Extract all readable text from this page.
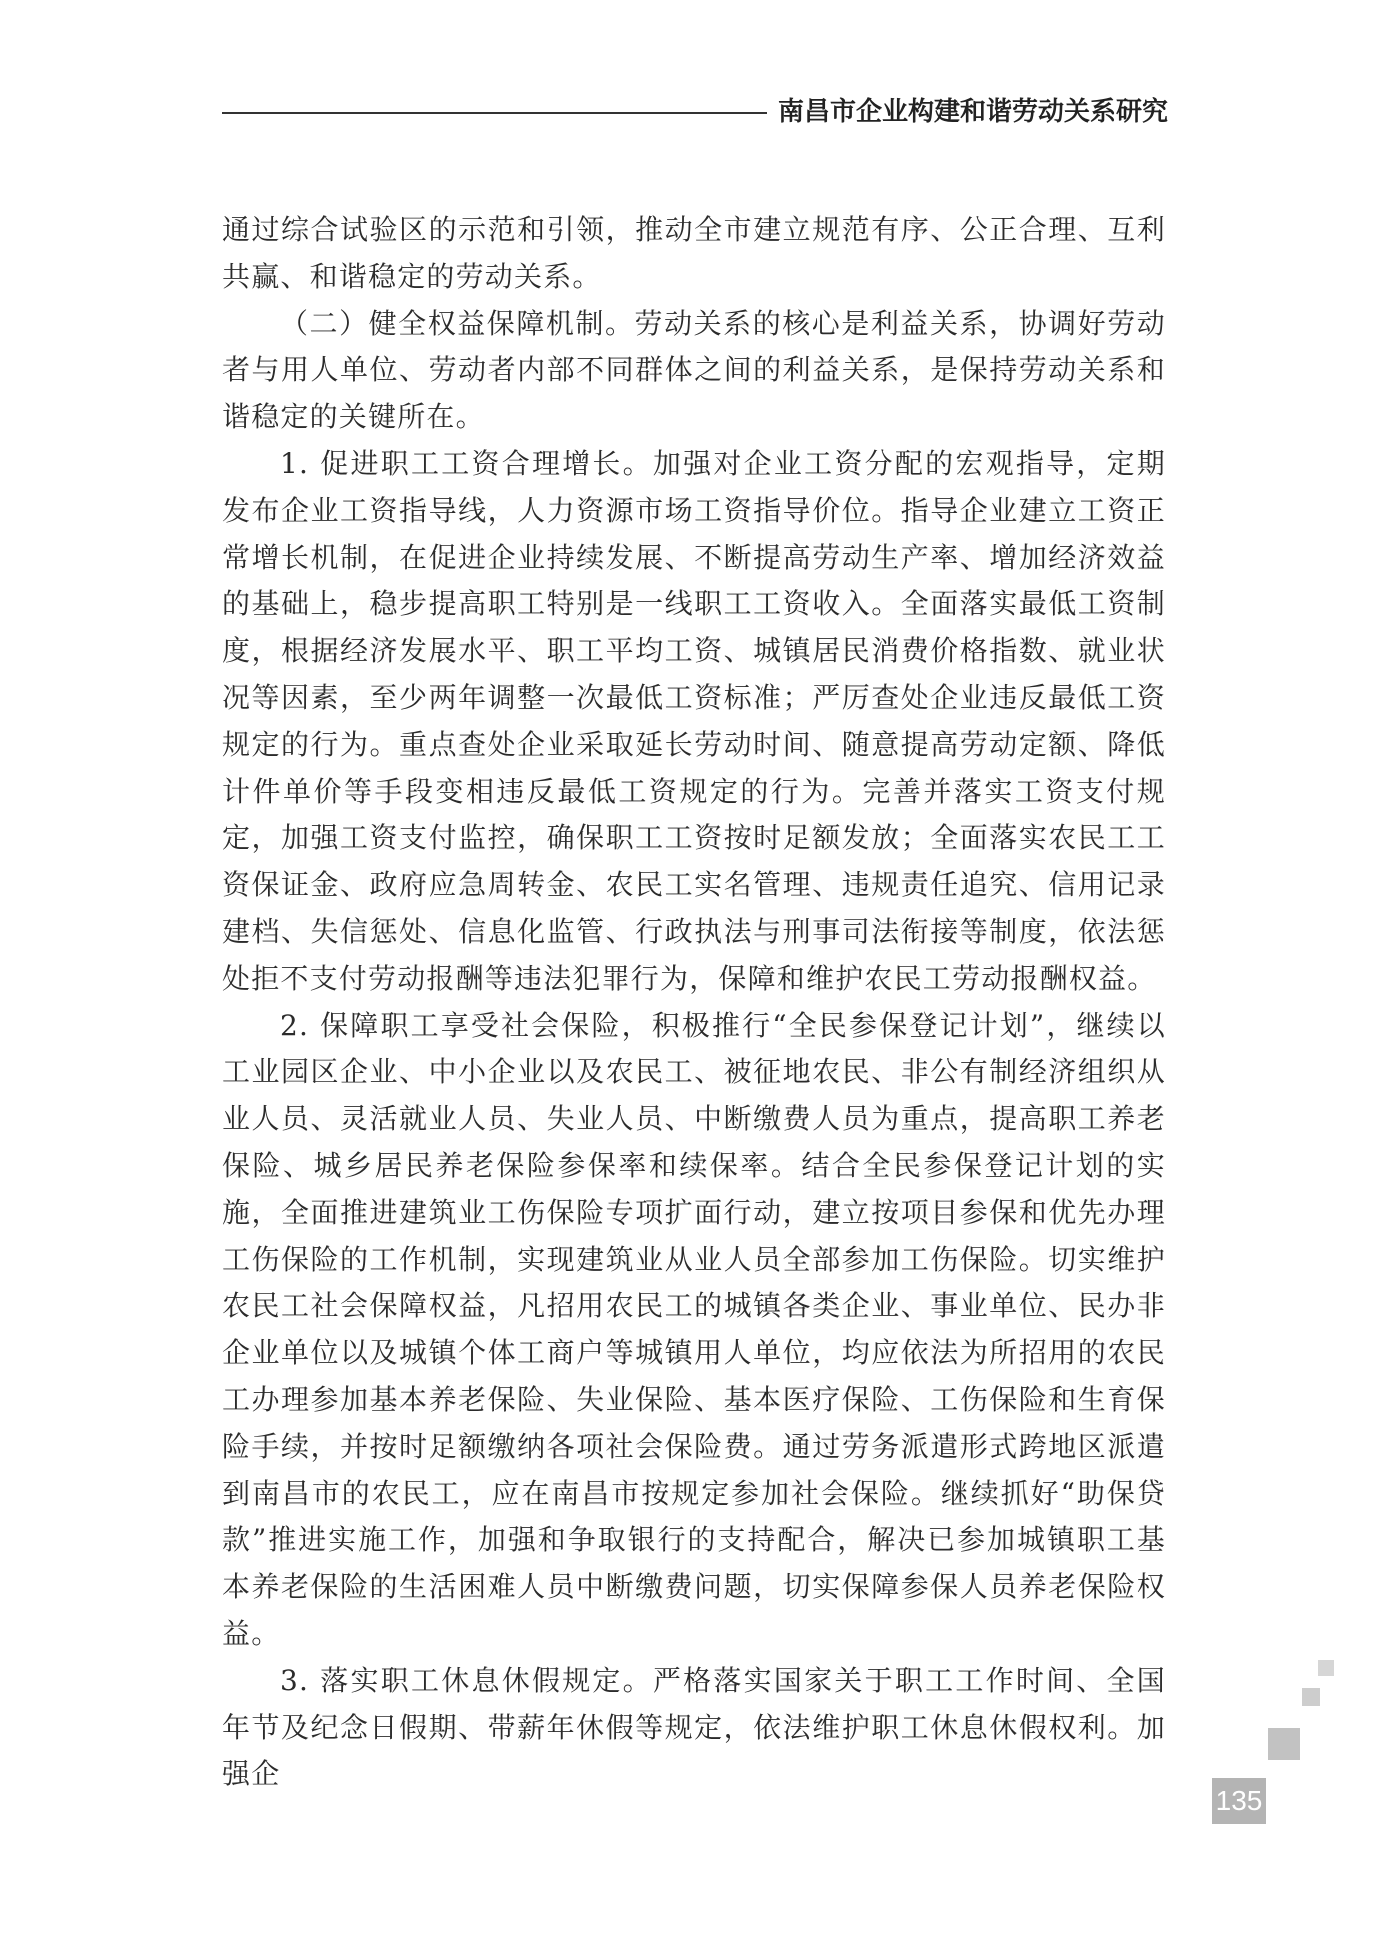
南昌市企业构建和谐劳动关系研究

通过综合试验区的示范和引领，推动全市建立规范有序、公正合理、互利共赢、和谐稳定的劳动关系。

（二）健全权益保障机制。劳动关系的核心是利益关系，协调好劳动者与用人单位、劳动者内部不同群体之间的利益关系，是保持劳动关系和谐稳定的关键所在。

1. 促进职工工资合理增长。加强对企业工资分配的宏观指导，定期发布企业工资指导线，人力资源市场工资指导价位。指导企业建立工资正常增长机制，在促进企业持续发展、不断提高劳动生产率、增加经济效益的基础上，稳步提高职工特别是一线职工工资收入。全面落实最低工资制度，根据经济发展水平、职工平均工资、城镇居民消费价格指数、就业状况等因素，至少两年调整一次最低工资标准；严厉查处企业违反最低工资规定的行为。重点查处企业采取延长劳动时间、随意提高劳动定额、降低计件单价等手段变相违反最低工资规定的行为。完善并落实工资支付规定，加强工资支付监控，确保职工工资按时足额发放；全面落实农民工工资保证金、政府应急周转金、农民工实名管理、违规责任追究、信用记录建档、失信惩处、信息化监管、行政执法与刑事司法衔接等制度，依法惩处拒不支付劳动报酬等违法犯罪行为，保障和维护农民工劳动报酬权益。

2. 保障职工享受社会保险，积极推行“全民参保登记计划”，继续以工业园区企业、中小企业以及农民工、被征地农民、非公有制经济组织从业人员、灵活就业人员、失业人员、中断缴费人员为重点，提高职工养老保险、城乡居民养老保险参保率和续保率。结合全民参保登记计划的实施，全面推进建筑业工伤保险专项扩面行动，建立按项目参保和优先办理工伤保险的工作机制，实现建筑业从业人员全部参加工伤保险。切实维护农民工社会保障权益，凡招用农民工的城镇各类企业、事业单位、民办非企业单位以及城镇个体工商户等城镇用人单位，均应依法为所招用的农民工办理参加基本养老保险、失业保险、基本医疗保险、工伤保险和生育保险手续，并按时足额缴纳各项社会保险费。通过劳务派遣形式跨地区派遣到南昌市的农民工，应在南昌市按规定参加社会保险。继续抓好“助保贷款”推进实施工作，加强和争取银行的支持配合，解决已参加城镇职工基本养老保险的生活困难人员中断缴费问题，切实保障参保人员养老保险权益。

3. 落实职工休息休假规定。严格落实国家关于职工工作时间、全国年节及纪念日假期、带薪年休假等规定，依法维护职工休息休假权利。加强企

135
